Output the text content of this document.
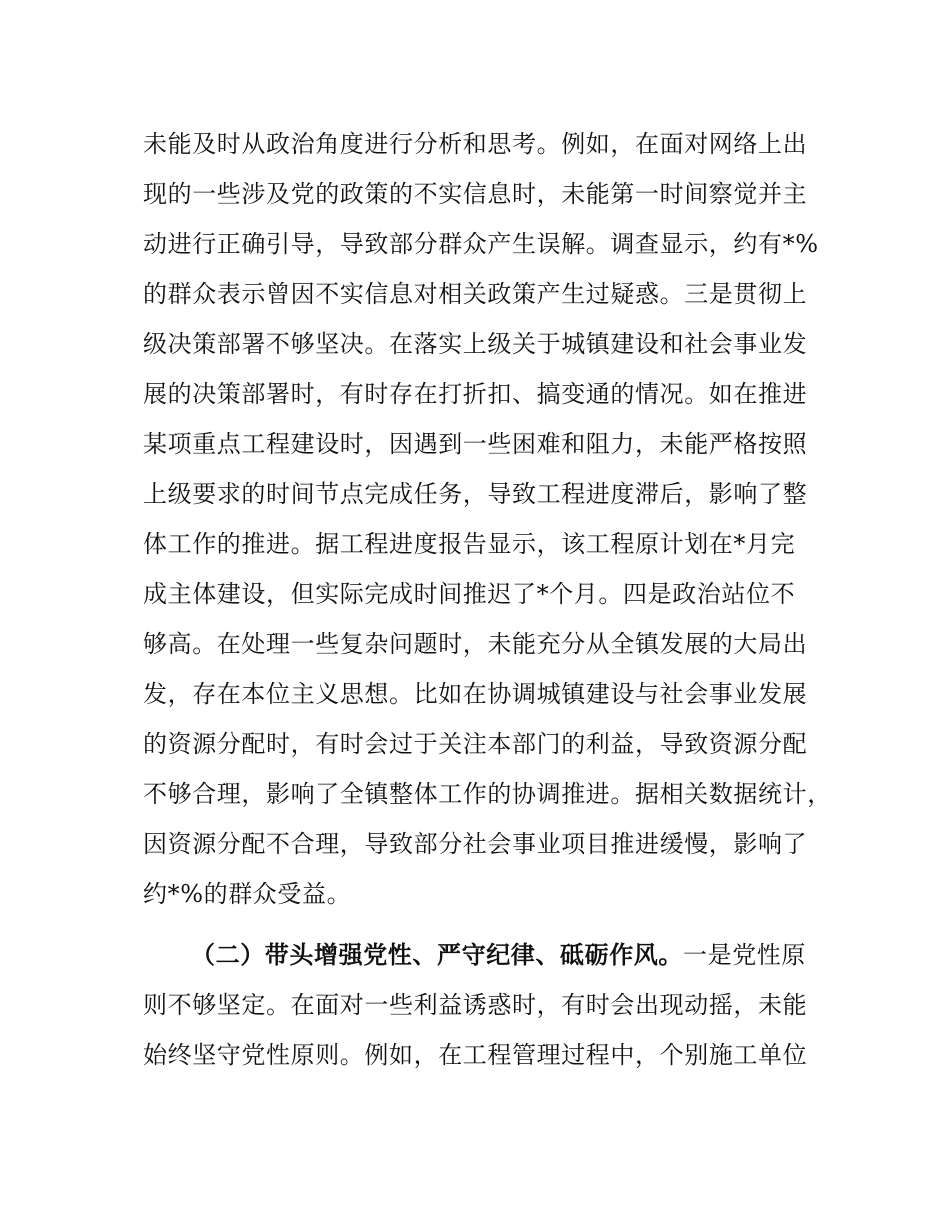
未能及时从政治角度进行分析和思考。例如，在面对网络上出
现的一些涉及党的政策的不实信息时，未能第一时间察觉并主
动进行正确引导，导致部分群众产生误解。调查显示，约有*%
的群众表示曾因不实信息对相关政策产生过疑惑。三是贯彻上
级决策部署不够坚决。在落实上级关于城镇建设和社会事业发
展的决策部署时，有时存在打折扣、搞变通的情况。如在推进
某项重点工程建设时，因遇到一些困难和阻力，未能严格按照
上级要求的时间节点完成任务，导致工程进度滞后，影响了整
体工作的推进。据工程进度报告显示，该工程原计划在*月完
成主体建设，但实际完成时间推迟了*个月。四是政治站位不
够高。在处理一些复杂问题时，未能充分从全镇发展的大局出
发，存在本位主义思想。比如在协调城镇建设与社会事业发展
的资源分配时，有时会过于关注本部门的利益，导致资源分配
不够合理，影响了全镇整体工作的协调推进。据相关数据统计，
因资源分配不合理，导致部分社会事业项目推进缓慢，影响了
约*%的群众受益。
（二）带头增强党性、严守纪律、砥砺作风。一是党性原
则不够坚定。在面对一些利益诱惑时，有时会出现动摇，未能
始终坚守党性原则。例如，在工程管理过程中，个别施工单位
